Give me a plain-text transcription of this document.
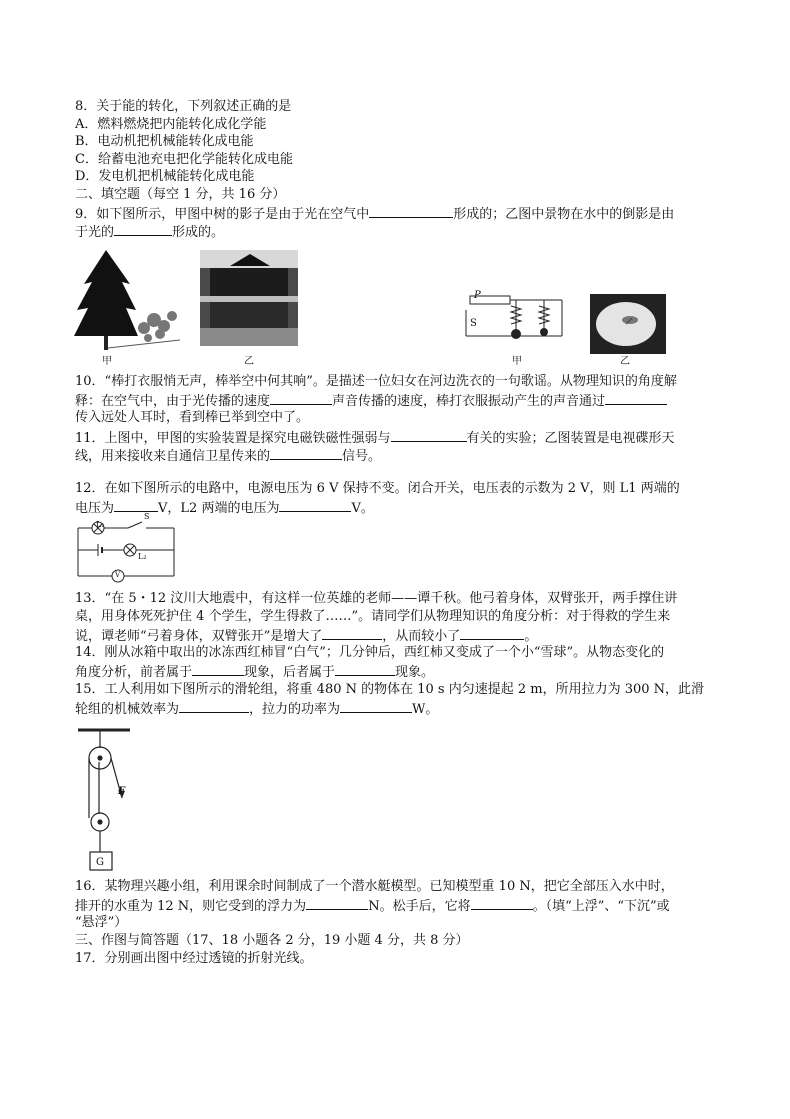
8．关于能的转化，下列叙述正确的是
A．燃料燃烧把内能转化成化学能
B．电动机把机械能转化成电能
C．给蓄电池充电把化学能转化成电能
D．发电机把机械能转化成电能
二、填空题（每空 1 分，共 16 分）
9．如下图所示，甲图中树的影子是由于光在空气中	形成的；乙图中景物在水中的倒影是由
于光的	形成的。
甲	乙
P
S
甲	乙
10．“棒打衣服悄无声，棒举空中何其响”。是描述一位妇女在河边洗衣的一句歌谣。从物理知识的角度解
释：在空气中，由于光传播的速度	声音传播的速度，棒打衣服振动产生的声音通过
传入远处人耳时，看到棒已举到空中了。
11．上图中，甲图的实验装置是探究电磁铁磁性强弱与	有关的实验；乙图装置是电视碟形天
线，用来接收来自通信卫星传来的	信号。
12．在如下图所示的电路中，电源电压为 6 V 保持不变。闭合开关，电压表的示数为 2 V，则 L1 两端的
电压为	V，L2 两端的电压为	V。
L₁
S
L₂
V
13．“在 5・12 汶川大地震中，有这样一位英雄的老师——谭千秋。他弓着身体，双臂张开，两手撑住讲
桌，用身体死死护住 4 个学生，学生得救了……”。请同学们从物理知识的角度分析：对于得救的学生来
说，谭老师“弓着身体，双臂张开”是增大了	，从而较小了	。
14．刚从冰箱中取出的冰冻西红柿冒“白气”；几分钟后，西红柿又变成了一个小“雪球”。从物态变化的
角度分析，前者属于	现象，后者属于	现象。
15．工人利用如下图所示的滑轮组，将重 480 N 的物体在 10 s 内匀速提起 2 m，所用拉力为 300 N，此滑
轮组的机械效率为	，拉力的功率为	W。
F
G
16．某物理兴趣小组，利用课余时间制成了一个潜水艇模型。已知模型重 10 N，把它全部压入水中时，
排开的水重为 12 N，则它受到的浮力为	N。松手后，它将	。（填“上浮”、“下沉”或
“悬浮”）
三、作图与简答题（17、18 小题各 2 分，19 小题 4 分，共 8 分）
17．分别画出图中经过透镜的折射光线。
